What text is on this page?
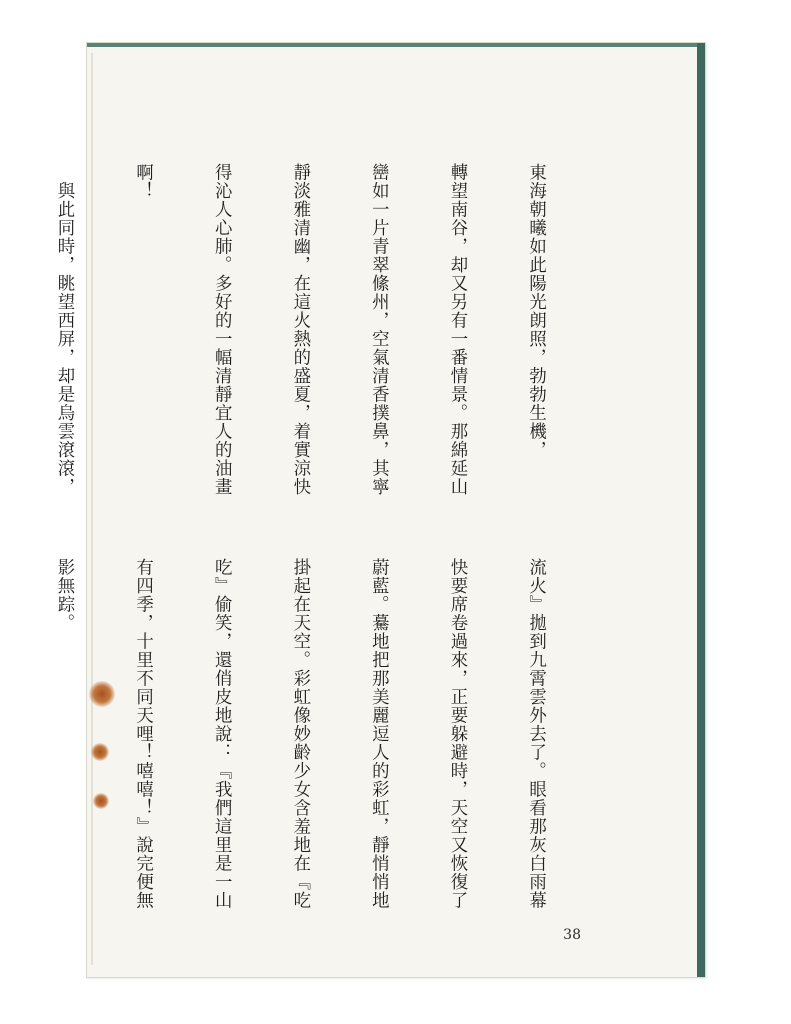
東海朝曦如此陽光朗照，勃勃生機，

轉望南谷，却又另有一番情景。那綿延山

巒如一片青翠絛州，空氣清香撲鼻，其寧

靜淡雅清幽，在這火熱的盛夏，着實涼快

得沁人心肺。多好的一幅清靜宜人的油畫

啊！

　與此同時，眺望西屏，却是烏雲滾滾，

流火』拋到九霄雲外去了。眼看那灰白雨幕

快要席卷過來，正要躲避時，天空又恢復了

蔚藍。驀地把那美麗逗人的彩虹，靜悄悄地

掛起在天空。彩虹像妙齡少女含羞地在『吃

吃』偷笑，還俏皮地說：『我們這里是一山

有四季，十里不同天哩！嘻嘻！』說完便無

影無踪。

38
